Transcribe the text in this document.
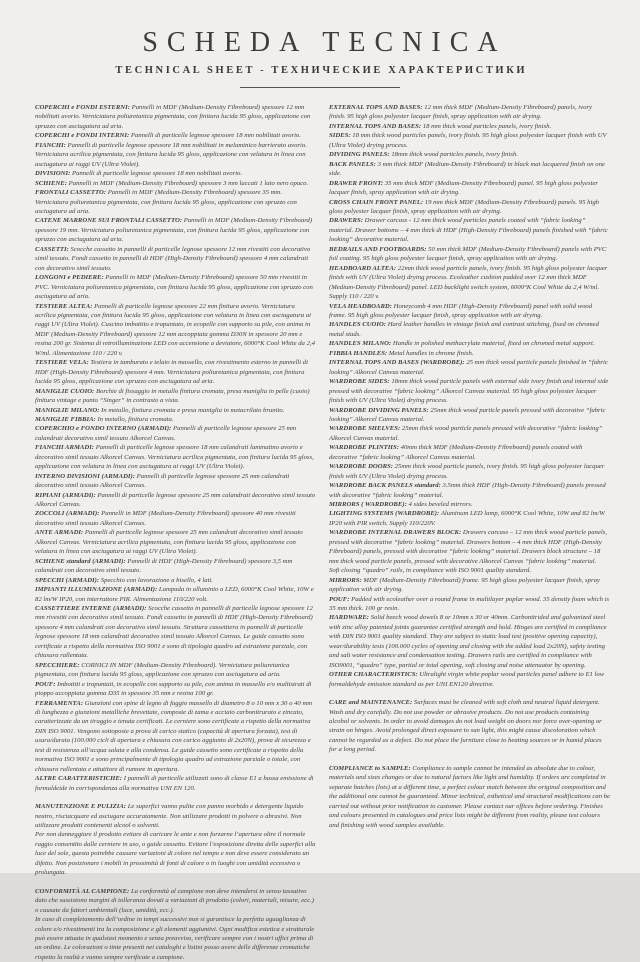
SCHEDA TECNICA
TECHNICAL SHEET - ТЕХНИЧЕСКИЕ ХАРАКТЕРИСТИКИ

COPERCHI e FONDI ESTERNI: Pannelli in MDF (Medium-Density Fibreboard) spessore 12 mm nobilitati avorio. Verniciatura poliuretanica pigmentata, con finitura lucida 95 gloss, applicazione con spruzzo con asciugatura ad aria.

COPERCHI e FONDI INTERNI: Pannelli di particelle legnose spessore 18 mm nobilitati avorio.

FIANCHI: Pannelli di particelle legnose spessore 18 mm nobilitati in melaminico barrierato avorio. Verniciatura acrilica pigmentata, con finitura lucida 95 gloss, applicazione con velatura in linea con asciugatura ai raggi UV (Ultra Violet).

DIVISIONI: Pannelli di particelle legnose spessore 18 mm nobilitati avorio.

SCHIENE: Pannelli in MDF (Medium-Density Fibreboard) spessore 3 mm laccati 1 lato nero opaco.

FRONTALI CASSETTO: Pannelli in MDF (Medium-Density Fibreboard) spessore 35 mm. Verniciatura poliuretanica pigmentata, con finitura lucida 95 gloss, applicazione con spruzzo con asciugatura ad aria.

CATENE MARRONE SUI FRONTALI CASSETTO: Pannelli in MDF (Medium-Density Fibreboard) spessore 19 mm. Verniciatura poliuretanica pigmentata, con finitura lucida 95 gloss, applicazione con spruzzo con asciugatura ad aria.

CASSETTI: Scocche cassetto in pannelli di particelle legnose spessore 12 mm rivestiti con decorativo simil tessuto. Fondi cassetto in pannelli di HDF (High-Density Fibreboard) spessore 4 mm calandrati con decorativo simil tessuto.

LONGONI e PEDIERE: Pannelli in MDF (Medium-Density Fibreboard) spessore 50 mm rivestiti in PVC. Verniciatura poliuretanica pigmentata, con finitura lucida 95 gloss, applicazione con spruzzo con asciugatura ad aria.

TESTIERE ALTEA: Pannelli di particelle legnose spessore 22 mm finitura avorio. Verniciatura acrilica pigmentata, con finitura lucida 95 gloss, applicazione con velatura in linea con asciugatura ai raggi UV (Ultra Violet). Cuscino imbottito e trapuntato, in ecopelle con supporto su pile, con anima in MDF (Medium-Density Fibreboard) spessore 12 mm accoppiata gomma D30N in spessore 20 mm e resina 200 gr. Sistema di retroilluminazione LED con accensione a deviatore, 6000°K Cool White da 2,4 W/ml. Alimentazione 110 / 220 v.

TESTIERE VELA: Testiera in tamburato e telaio in massello, con rivestimento esterno in pannelli di HDF (High-Density Fibreboard) spessore 4 mm. Verniciatura poliuretanica pigmentata, con finitura lucida 95 gloss, applicazione con spruzzo con asciugatura ad aria.

MANIGLIE CUOIO: Borchie di fissaggio in metallo finitura cromata, presa maniglia in pelle (cuoio) finitura vintage e punto “Singer” in contrasto a vista.

MANIGLIE MILANO: In metallo, finitura cromata e presa maniglia in metacrilato brunito.

MANIGLIE FIBBIA: In metallo, finitura cromata.

COPERCHIO e FONDO INTERNO (ARMADI): Pannelli di particelle legnose spessore 25 mm calandrati decorativo simil tessuto Alkorcel Canvas.

FIANCHI ARMADI: Pannelli di particelle legnose spessore 18 mm calandrati laminatino avorio e decorativo simil tessuto Alkorcel Canvas. Verniciatura acrilica pigmentata, con finitura lucida 95 gloss, applicazione con velatura in linea con asciugatura ai raggi UV (Ultra Violet).

INTERNO DIVISIONI (ARMADI): Pannelli di particelle legnose spessore 25 mm calandrati decorativo simil tessuto Alkorcel Canvas.

RIPIANI (ARMADI): Pannelli di particelle legnose spessore 25 mm calandrati decorativo simil tessuto Alkorcel Canvas.

ZOCCOLI (ARMADI): Pannelli in MDF (Medium-Density Fibreboard) spessore 40 mm rivestiti decorativo simil tessuto Alkorcel Canvas.

ANTE ARMADI: Pannelli di particelle legnose spessore 25 mm calandrati decorativo simil tessuto Alkorcel Canvas. Verniciatura acrilica pigmentata, con finitura lucida 95 gloss, applicazione con velatura in linea con asciugatura ai raggi UV (Ultra Violet).

SCHIENE standard (ARMADI): Pannelli di HDF (High-Density Fibreboard) spessore 3,5 mm calandrati con decorativo simil tessuto.

SPECCHI (ARMADI): Specchio con lavorazione a bisello, 4 lati.

IMPIANTI ILLUMINAZIONE (ARMADI): Lampada in alluminio a LED, 6000°K Cool White, 10W e 82 lm/W IP20, con interruttore PIR. Alimentazione 110/220 volt.

CASSETTIERE INTERNE (ARMADI): Scocche cassetto in pannelli di particelle legnose spessore 12 mm rivestiti con decorativo simil tessuto. Fondi cassetto in pannelli di HDF (High-Density Fibreboard) spessore 4 mm calandrati con decorativo simil tessuto. Struttura cassettiera in pannelli di particelle legnose spessore 18 mm calandrati decorativo simil tessuto Alkorcel Canvas. Le guide cassetto sono certificate a rispetto della normativa ISO 9001 e sono di tipologia quadro ad estrazione parziale, con chiusura rallentata.

SPECCHIERE: CORNICI IN MDF (Medium-Density Fibreboard). Verniciatura poliuretanica pigmentata, con finitura lucida 95 gloss, applicazione con spruzzo con asciugatura ad aria.

POUF: Imbottiti e trapuntati, in ecopelle con supporto su pile, con anima in massello e/o multistrati di pioppo accoppiata gomma D35 in spessore 35 mm e resina 100 gr.

FERRAMENTA: Giunzioni con spine di legno di faggio massello di diametro 8 o 10 mm x 30 o 40 mm di lunghezza e giunzioni metalliche brevettate, composte di zama e acciaio carbonitrurato e zincato, caratterizzate da un tiraggio e tenuta certificati. Le cerniere sono certificate a rispetto della normativa DIN ISO 9001. Vengono sottoposte a prova di carico statico (capacità di apertura forzata), test di usura/durata (100.000 cicli di apertura e chiusura con carico aggiunto di 2x20N), prova di sicurezza e test di resistenza all’acqua salata e alla condensa. Le guide cassetto sono certificate a rispetto della normativa ISO 9001 e sono principalmente di tipologia quadro ad estrazione parziale o totale, con chiusura rallentata e attutitore di rumore in apertura.

ALTRE CARATTERISTICHE: I pannelli di particelle utilizzati sono di classe E1 a bassa emissione di formaldeide in corrispondenza alla normativa UNI EN 120.

MANUTENZIONE E PULIZIA: Le superfici vanno pulite con panno morbido e detergente liquido neutro, risciacquare ed asciugare accuratamente. Non utilizzare prodotti in polvere o abrasivi. Non utilizzare prodotti contenenti alcool o solventi.
Per non danneggiare il prodotto evitare di caricare le ante e non forzarne l’apertura oltre il normale raggio consentito dalle cerniere in uso, o guide cassetto. Evitare l’esposizione diretta delle superfici alla luce del sole, questa potrebbe causare variazioni di colore nel tempo e non deve essere considerato un difetto. Non posizionare i mobili in prossimità di fonti di calore o in luoghi con umidità eccessiva o prolungata.

CONFORMITÀ AL CAMPIONE: La conformità al campione non deve intendersi in senso tassativo dato che sussistono margini di tolleranza dovuti a variazioni di prodotto (colori, materiali, misure, ecc.) o causate da fattori ambientali (luce, umidità, ecc.).
In caso di completamento dell’ordine in tempi successivi non si garantisce la perfetta aguaglianza di colore e/o rivestimenti tra la composizione e gli elementi aggiuntivi. Ogni modifica estetica e strutturale può essere attuata in qualsiasi momento e senza preavviso, verificare sempre con i nostri uffici prima di un ordine. Le colorazioni o tinte presenti nei cataloghi e listini posso avere delle differenze cromatiche rispetto la realtà e vanno sempre verificate a campione.

EXTERNAL TOPS AND BASES: 12 mm thick MDF (Medium-Density Fibreboard) panels, ivory finish. 95 high gloss polyester lacquer finish, spray application with air drying.

INTERNAL TOPS AND BASES: 18 mm thick wood particles panels, ivory finish.

SIDES: 18 mm thick wood particles panels, ivory finish. 95 high gloss polyester lacquer finish with UV (Ultra Violet) drying process.

DIVIDING PANELS: 18mm thick wood particles panels, ivory finish.

BACK PANELS: 3 mm thick MDF (Medium-Density Fibreboard) in black mat lacquered finish on one side.

DRAWER FRONT: 35 mm thick MDF (Medium-Density Fibreboard) panel. 95 high gloss polyester lacquer finish, spray application with air drying.

CROSS CHAIN FRONT PANEL: 19 mm thick MDF (Medium-Density Fibreboard) panels. 95 high gloss polyester lacquer finish, spray application with air drying.

DRAWERS: Drawer carcass - 12 mm thick wood particles panels coated with “fabric looking” material. Drawer bottoms – 4 mm thick di HDF (High-Density Fibreboard) panels finished with “fabric looking” decorative material.

BEDRAILS AND FOOTBOARDS: 50 mm thick MDF (Medium-Density Fibreboard) panels with PVC foil coating. 95 high gloss polyester lacquer finish, spray application with air drying.

HEADBOARD ALTEA: 22mm thick wood particle panels, ivory finish. 95 high gloss polyester lacquer finish with UV (Ultra Violet) drying process. Ecoleather cushion padded over 12 mm thick MDF (Medium-Density Fibreboard) panel. LED backlight switch system, 6000°K Cool White da 2,4 W/ml. Supply 110 / 220 v.

VELA HEADBOARD: Honeycomb 4 mm HDF (High-Density Fibreboard) panel with solid wood frame. 95 high gloss polyester lacquer finish, spray application with air drying.

HANDLES CUOIO: Hard leather handles in vintage finish and contrast stitching, fixed on chromed metal studs.

HANDLES MILANO: Handle in polished methacrylate material, fixed on chromed metal support.

FIBBIA HANDLES: Metal handles in chrome finish.

INTERNAL TOPS AND BASES (WARDROBE): 25 mm thick wood particle panels finished in “fabric looking” Alkorcel Canvas material.

WARDROBE SIDES: 18mm thick wood particle panels with external side ivory finish and internal side pressed with decorative “fabric looking” Alkorcel Canvas material. 95 high gloss polyester lacquer finish with UV (Ultra Violet) drying process.

WARDROBE DIVIDING PANELS: 25mm thick wood particle panels pressed with decorative “fabric looking” Alkorcel Canvas material.

WARDROBE SHELVES: 25mm thick wood particle panels pressed with decorative “fabric looking” Alkorcel Canvas material.

WARDROBE PLINTHS: 40mm thick MDF (Medium-Density Fibreboard) panels coated with decorative “fabric looking” Alkorcel Canvas material.

WARDROBE DOORS: 25mm thick wood particle panels, ivory finish. 95 high gloss polyester lacquer finish with UV (Ultra Violet) drying process.

WARDROBE BACK PANELS standard: 3.5mm thick HDF (High-Density Fibreboard) panels pressed with decorative “fabric looking” material.

MIRRORS ( WARDROBE): 4 sides beveled mirrors.

LIGHTING SYSTEMS (WARDROBE): Aluminum LED lamp, 6000°K Cool White, 10W and 82 lm/W IP20 with PIR switch. Supply 110/220V.

WARDROBE INTERNAL DRAWERS BLOCK: Drawers carcass – 12 mm thick wood particle panels, pressed with decorative “fabric looking” material. Drawers bottom – 4 mm thick HDF (High-Density Fibreboard) panels, pressed with decorative “fabric looking” material. Drawers block structure – 18 mm thick wood particle panels, pressed with decorative Alkorcel Canvas “fabric looking” material.
Soft closing “quadro” rails, in compliance with ISO 9001 quality standard.

MIRRORS: MDF (Medium-Density Fibreboard) frame. 95 high gloss polyester lacquer finish, spray application with air drying.

POUF: Padded with ecoleather over a round frame in multilayer poplar wood. 35 density foam which is 35 mm thick. 100 gr resin.

HARDWARE: Solid beech wood dowels 8 or 10mm x 30 or 40mm. Carbonitrided and galvanized steel with zinc alloy patented joints guarantee certified strength and hold. Hinges are certified in compliance with DIN ISO 9001 quality standard. They are subject to static load test (positive opening capacity), wear/durability tests (100.000 cycles of opening and closing with the added load 2x20N), safety testing and salt water resistance and condensation testing. Drawers rails are certified in compliance with ISO9001, “quadro” type, partial or total opening, soft closing and noise attenuator by opening.

OTHER CHARACTERISTICS: Ultralight virgin white poplar wood particles panel adhere to E1 low formaldehyde emission standard as per UNI EN120 directive.

CARE and MAINTENANCE: Surfaces must be cleaned with soft cloth and neutral liquid detergent. Wash and dry carefully. Do not use powder or abrasive products. Do not use products containing alcohol or solvents. In order to avoid damages do not load weight on doors nor force over-opening or strain on hinges. Avoid prolonged direct exposure to sun light, this might cause discoloration which cannot be regarded as a defect. Do not place the furniture close to heating sources or in humid places for a long period.

COMPLIANCE to SAMPLE: Compliance to sample cannot be intended as absolute due to colour, materials and sizes changes or due to natural factors like light and humidity. If orders are completed in separate batches (lots) at a different time, a perfect colour match between the original composition and the additional one cannot be guaranteed. Minor technical, esthetical and structural modifications can be carried out without prior notification to customer. Please contact our offices before ordering. Finishes and colours presented in catalogues and price lists might be different from reality, please test colours and finishing with wood samples available.
